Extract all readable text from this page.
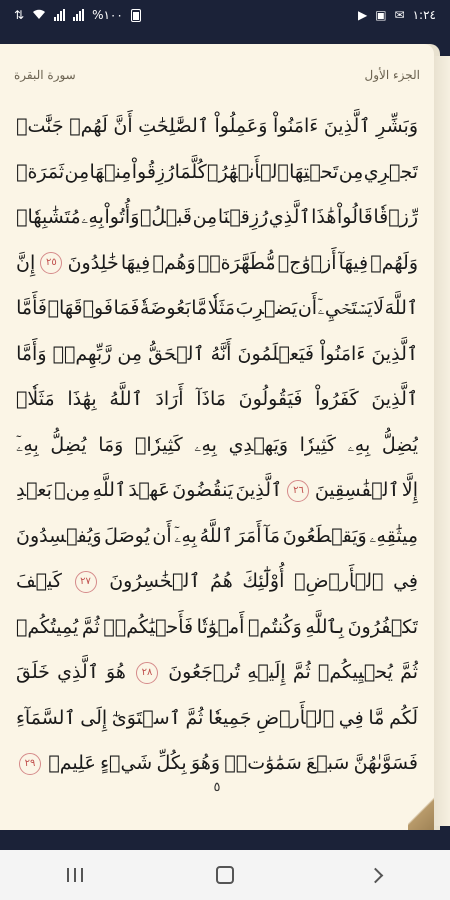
⇅	%١٠٠	▶ ▣ ✉ ١:٢٤
سورة البقرة	الجزء الأول
وَبَشِّرِ
ٱلَّذِينَ
ءَامَنُواْ
وَعَمِلُواْ
ٱلصَّٰلِحَٰتِ
أَنَّ
لَهُمۡ
جَنَّٰتٖ
تَجۡرِي
مِن
تَحۡتِهَا
ٱلۡأَنۡهَٰرُۖ
كُلَّمَا
رُزِقُواْ
مِنۡهَا
مِن
ثَمَرَةٖ
رِّزۡقٗا
قَالُواْ
هَٰذَا
ٱلَّذِي
رُزِقۡنَا
مِن
قَبۡلُۖ
وَأُتُواْ
بِهِۦ
مُتَشَٰبِهٗاۖ
وَلَهُمۡ
فِيهَآ
أَزۡوَٰجٞ
مُّطَهَّرَةٞۖ
وَهُمۡ
فِيهَا
خَٰلِدُونَ
٢٥
إِنَّ
ٱللَّهَ
لَا
يَسۡتَحۡيِۦٓ
أَن
يَضۡرِبَ
مَثَلٗا
مَّا
بَعُوضَةٗ
فَمَا
فَوۡقَهَاۚ
فَأَمَّا
ٱلَّذِينَ
ءَامَنُواْ
فَيَعۡلَمُونَ
أَنَّهُ
ٱلۡحَقُّ
مِن
رَّبِّهِمۡۖ
وَأَمَّا
ٱلَّذِينَ
كَفَرُواْ
فَيَقُولُونَ
مَاذَآ
أَرَادَ
ٱللَّهُ
بِهَٰذَا
مَثَلٗاۘ
يُضِلُّ
بِهِۦ
كَثِيرٗا
وَيَهۡدِي
بِهِۦ
كَثِيرٗاۚ
وَمَا
يُضِلُّ
بِهِۦٓ
إِلَّا
ٱلۡفَٰسِقِينَ
٢٦
ٱلَّذِينَ
يَنقُضُونَ
عَهۡدَ
ٱللَّهِ
مِنۢ
بَعۡدِ
مِيثَٰقِهِۦ
وَيَقۡطَعُونَ
مَآ
أَمَرَ
ٱللَّهُ
بِهِۦٓ
أَن
يُوصَلَ
وَيُفۡسِدُونَ
فِي
ٱلۡأَرۡضِۚ
أُوْلَٰٓئِكَ
هُمُ
ٱلۡخَٰسِرُونَ
٢٧
كَيۡفَ
تَكۡفُرُونَ
بِٱللَّهِ
وَكُنتُمۡ
أَمۡوَٰتٗا
فَأَحۡيَٰكُمۡۖ
ثُمَّ
يُمِيتُكُمۡ
ثُمَّ
يُحۡيِيكُمۡ
ثُمَّ
إِلَيۡهِ
تُرۡجَعُونَ
٢٨
هُوَ
ٱلَّذِي
خَلَقَ
لَكُم
مَّا
فِي
ٱلۡأَرۡضِ
جَمِيعٗا
ثُمَّ
ٱسۡتَوَىٰٓ
إِلَى
ٱلسَّمَآءِ
فَسَوَّىٰهُنَّ
سَبۡعَ
سَمَٰوَٰتٖۚ
وَهُوَ
بِكُلِّ
شَيۡءٍ
عَلِيمٞ
٢٩
٥
